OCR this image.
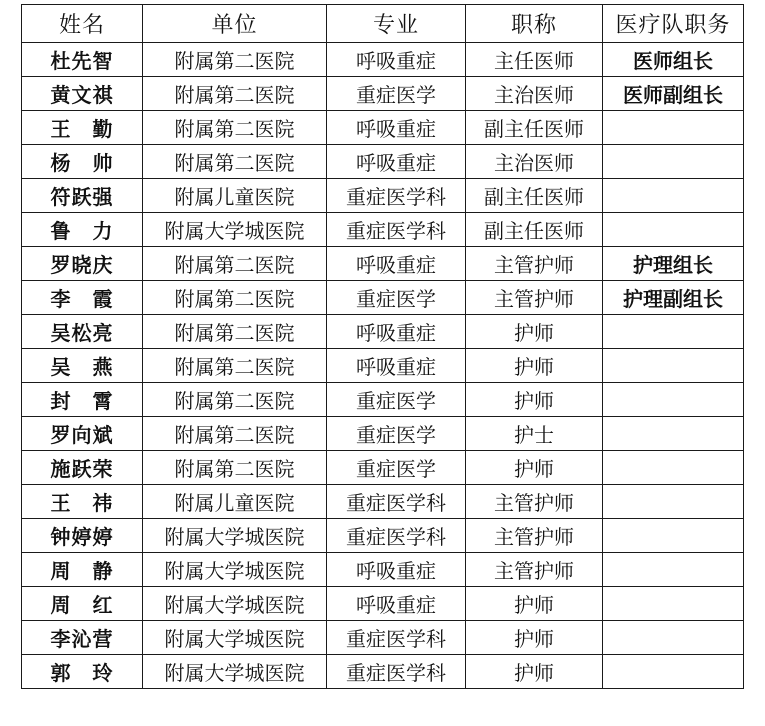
姓名	单位	专业	职称	医疗队职务
杜先智	附属第二医院	呼吸重症	主任医师	医师组长
黄文祺	附属第二医院	重症医学	主治医师	医师副组长
王　勤	附属第二医院	呼吸重症	副主任医师	
杨　帅	附属第二医院	呼吸重症	主治医师	
符跃强	附属儿童医院	重症医学科	副主任医师	
鲁　力	附属大学城医院	重症医学科	副主任医师	
罗晓庆	附属第二医院	呼吸重症	主管护师	护理组长
李　霞	附属第二医院	重症医学	主管护师	护理副组长
吴松亮	附属第二医院	呼吸重症	护师	
吴　燕	附属第二医院	呼吸重症	护师	
封　霄	附属第二医院	重症医学	护师	
罗向斌	附属第二医院	重症医学	护士	
施跃荣	附属第二医院	重症医学	护师	
王　祎	附属儿童医院	重症医学科	主管护师	
钟婷婷	附属大学城医院	重症医学科	主管护师	
周　静	附属大学城医院	呼吸重症	主管护师	
周　红	附属大学城医院	呼吸重症	护师	
李沁营	附属大学城医院	重症医学科	护师	
郭　玲	附属大学城医院	重症医学科	护师	
